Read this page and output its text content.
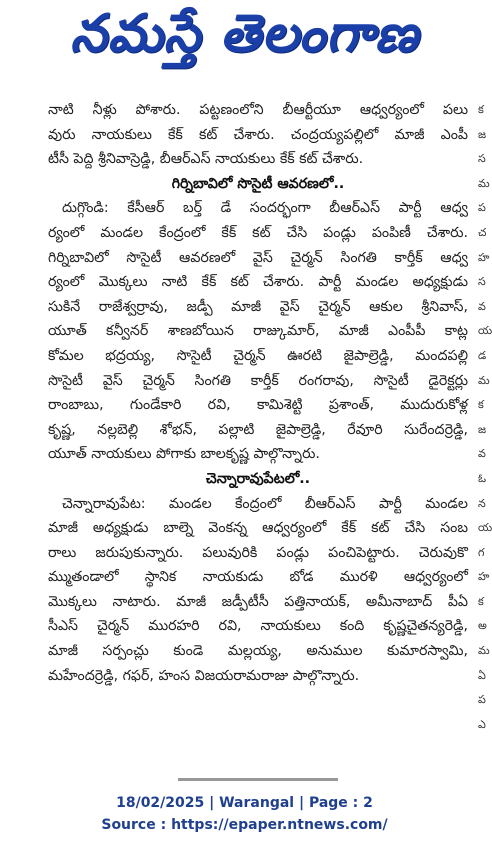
నమస్తే తెలంగాణ
క
జ
స
మ
ప
చ
హ
స
వ
య
డ
మ
క
జ
వ
ఓ
న
య
గ
హ
క
అ
మ
ఏ
ప
ఎ
నాటి నీళ్లు పోశారు. పట్టణంలోని బీఆర్టీయూ ఆధ్వర్యంలో పలు
వురు నాయకులు కేక్ కట్ చేశారు. చంద్రయ్యపల్లిలో మాజీ ఎంపీ
టీసీ పెద్ది శ్రీనివాస్రెడ్డి, బీఆర్ఎస్ నాయకులు కేక్ కట్ చేశారు.
గిర్నిబావిలో సొసైటీ ఆవరణలో..
దుగ్గొండి: కేసీఆర్ బర్త్ డే సందర్భంగా బీఆర్ఎస్ పార్టీ ఆధ్వ
ర్యంలో మండల కేంద్రంలో కేక్ కట్ చేసి పండ్లు పంపిణీ చేశారు.
గిర్నిబావిలో సొసైటీ ఆవరణలో వైస్ చైర్మన్ సింగతి కార్తీక్ ఆధ్వ
ర్యంలో మొక్కలు నాటి కేక్ కట్ చేశారు. పార్టీ మండల అధ్యక్షుడు
సుకినే రాజేశ్వర్రావు, జడ్పీ మాజీ వైస్ చైర్మన్ ఆకుల శ్రీనివాస్,
యూత్ కన్వీనర్ శాణబోయిన రాజ్కుమార్, మాజీ ఎంపీపీ కాట్ల
కోమల భద్రయ్య, సొసైటీ చైర్మన్ ఊరటి జైపాల్రెడ్డి, మందపల్లి
సొసైటీ వైస్ చైర్మన్ సింగతి కార్తీక్ రంగరావు, సొసైటీ డైరెక్టర్లు
రాంబాబు, గుండేకారి రవి, కామిశెట్టి ప్రశాంత్, ముదురుకోళ్ల
కృష్ణ, నల్లబెల్లి శోభన్, పల్లాటి జైపాల్రెడ్డి, రేవూరి సురేందర్రెడ్డి,
యూత్ నాయకులు పోగాకు బాలకృష్ణ పాల్గొన్నారు.
చెన్నారావుపేటలో..
చెన్నారావుపేట: మండల కేంద్రంలో బీఆర్ఎస్ పార్టీ మండల
మాజీ అధ్యక్షుడు బాల్నె వెంకన్న ఆధ్వర్యంలో కేక్ కట్ చేసి సంబ
రాలు జరుపుకున్నారు. పలువురికి పండ్లు పంచిపెట్టారు. చెరువుకొ
మ్ముతండాలో స్థానిక నాయకుడు బోడ మురళి ఆధ్వర్యంలో
మొక్కలు నాటారు. మాజీ జడ్పీటీసీ పత్తినాయక్, అమీనాబాద్ పీఏ
సీఎస్ చైర్మన్ మురహరి రవి, నాయకులు కంది కృష్ణచైతన్యరెడ్డి,
మాజీ సర్పంచ్లు కుండె మల్లయ్య, అనుముల కుమారస్వామి,
మహేందర్రెడ్డి, గఫర్, హంస విజయరామరాజు పాల్గొన్నారు.
18/02/2025 | Warangal | Page : 2
Source : https://epaper.ntnews.com/
